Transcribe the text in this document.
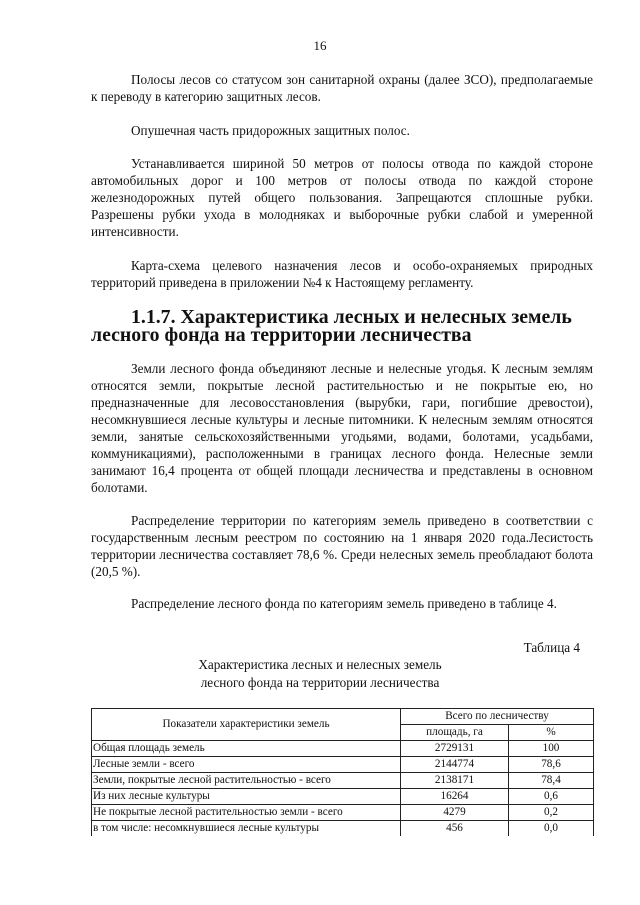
16

Полосы лесов со статусом зон санитарной охраны (далее ЗСО), предполагаемые к переводу в категорию защитных лесов.

Опушечная часть придорожных защитных полос.

Устанавливается шириной 50 метров от полосы отвода по каждой стороне автомобильных дорог и 100 метров от полосы отвода по каждой стороне железнодорожных путей общего пользования. Запрещаются сплошные рубки. Разрешены рубки ухода в молодняках и выборочные рубки слабой и умеренной интенсивности.

Карта-схема целевого назначения лесов и особо-охраняемых природных территорий приведена в приложении №4 к Настоящему регламенту.

1.1.7. Характеристика лесных и нелесных земель лесного фонда на территории лесничества

Земли лесного фонда объединяют лесные и нелесные угодья. К лесным землям относятся земли, покрытые лесной растительностью и не покрытые ею, но предназначенные для лесовосстановления (вырубки, гари, погибшие древостои), несомкнувшиеся лесные культуры и лесные питомники. К нелесным землям относятся земли, занятые сельскохозяйственными угодьями, водами, болотами, усадьбами, коммуникациями), расположенными в границах лесного фонда. Нелесные земли занимают 16,4 процента от общей площади лесничества и представлены в основном болотами.

Распределение территории по категориям земель приведено в соответствии с государственным лесным реестром по состоянию на 1 января 2020 года.Лесистость территории лесничества составляет 78,6 %. Среди нелесных земель преобладают болота (20,5 %).

Распределение лесного фонда по категориям земель приведено в таблице 4.

Таблица 4
Характеристика лесных и нелесных земель
лесного фонда на территории лесничества
Показатели характеристики земель	Всего по лесничеству	
	площадь, га	%
Общая площадь земель	2729131	100
Лесные земли - всего	2144774	78,6
Земли, покрытые лесной растительностью - всего	2138171	78,4
Из них лесные культуры	16264	0,6
Не покрытые лесной растительностью земли - всего	4279	0,2
в том числе: несомкнувшиеся лесные культуры	456	0,0
